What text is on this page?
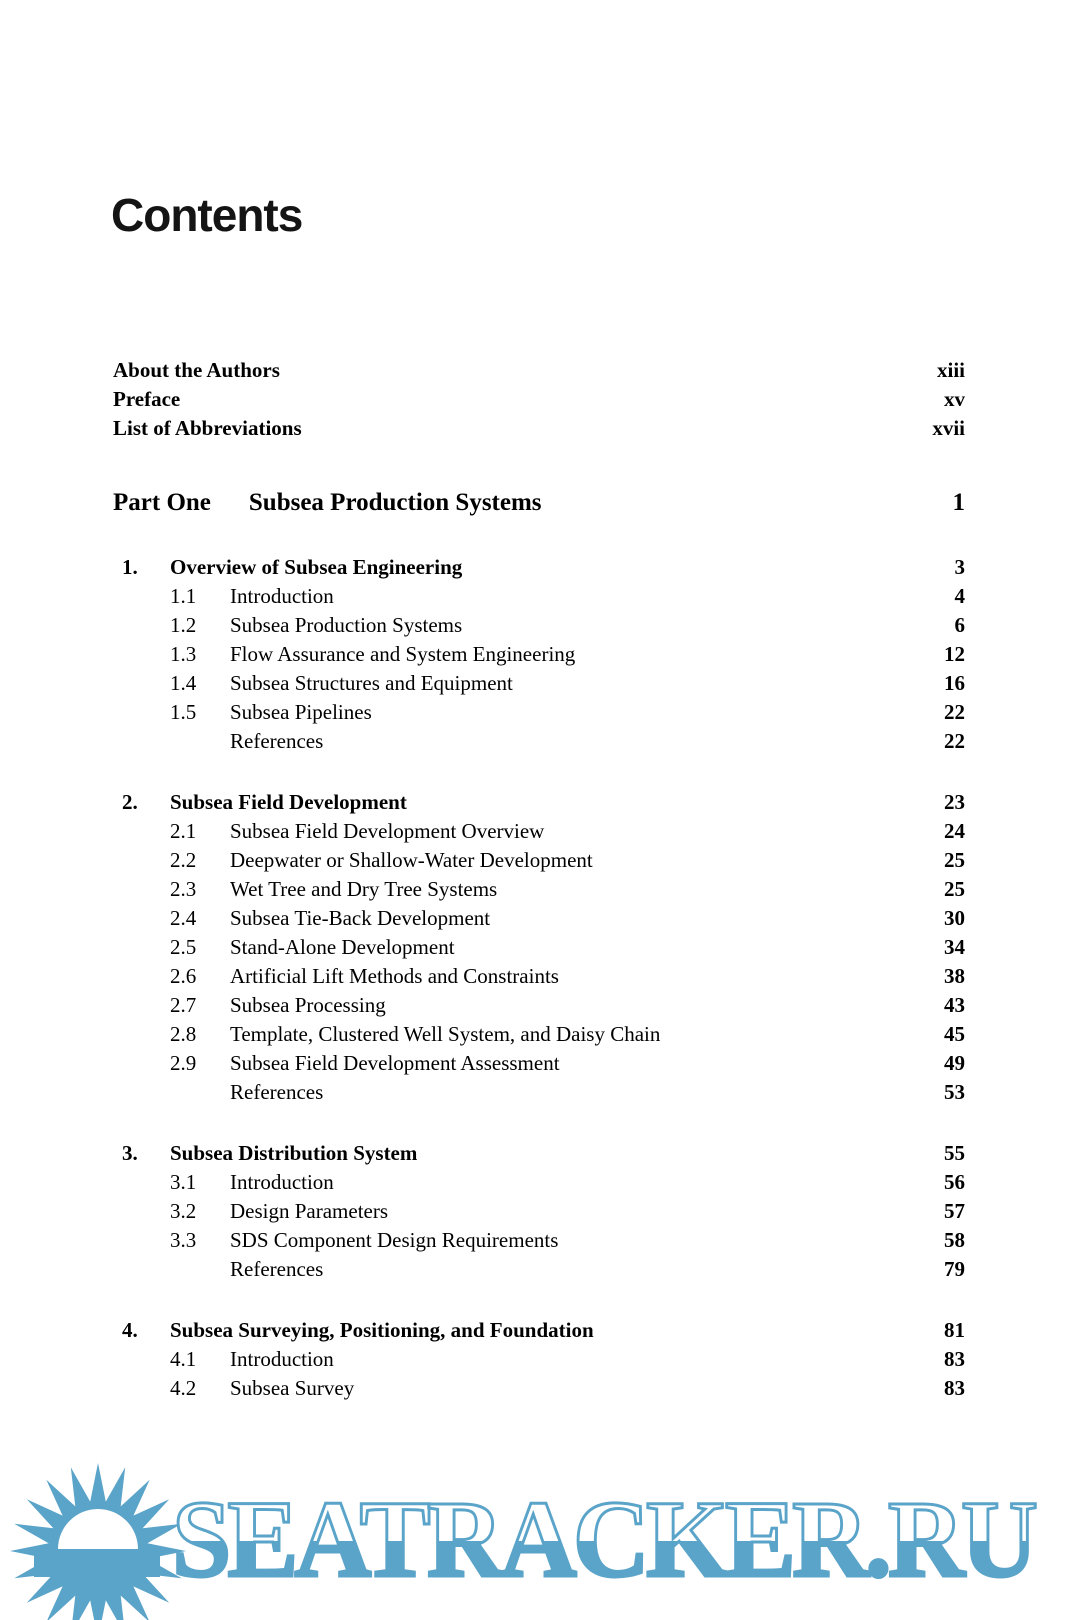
Contents
About the Authors	xiii
Preface	xv
List of Abbreviations	xvii
Part One Subsea Production Systems	1
1.	Overview of Subsea Engineering	3
1.1	Introduction	4
1.2	Subsea Production Systems	6
1.3	Flow Assurance and System Engineering	12
1.4	Subsea Structures and Equipment	16
1.5	Subsea Pipelines	22
References	22
2.	Subsea Field Development	23
2.1	Subsea Field Development Overview	24
2.2	Deepwater or Shallow-Water Development	25
2.3	Wet Tree and Dry Tree Systems	25
2.4	Subsea Tie-Back Development	30
2.5	Stand-Alone Development	34
2.6	Artificial Lift Methods and Constraints	38
2.7	Subsea Processing	43
2.8	Template, Clustered Well System, and Daisy Chain	45
2.9	Subsea Field Development Assessment	49
References	53
3.	Subsea Distribution System	55
3.1	Introduction	56
3.2	Design Parameters	57
3.3	SDS Component Design Requirements	58
References	79
4.	Subsea Surveying, Positioning, and Foundation	81
4.1	Introduction	83
4.2	Subsea Survey	83
SEATRACKER.RU
